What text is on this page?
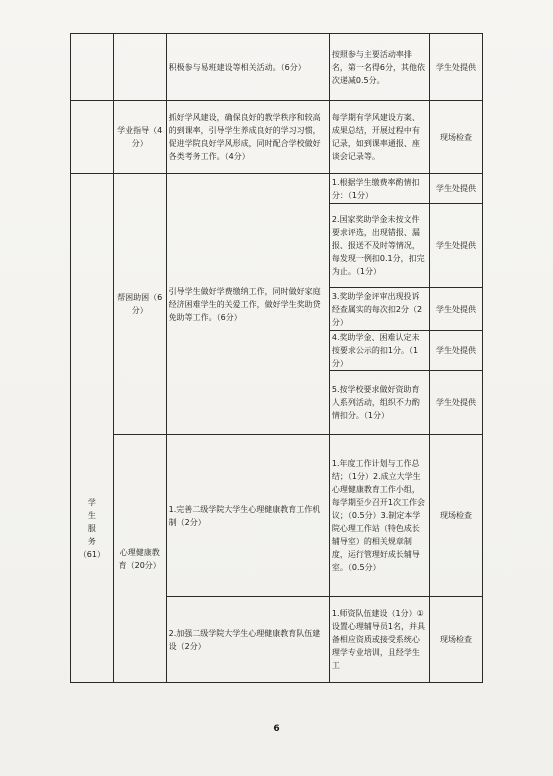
		积极参与易班建设等相关活动。（6分）	按照参与主要活动率排名，第一名得6分，其他依次递减0.5分。	学生处提供
	学业指导（4分）	抓好学风建设，确保良好的教学秩序和较高的到课率，引导学生养成良好的学习习惯，促进学院良好学风形成，同时配合学校做好各类考务工作。（4分）	每学期有学风建设方案、成果总结，开展过程中有记录，如到课率通报、座谈会记录等。	现场检查

学
生
服
务
（61）	帮困助困（6分）	引导学生做好学费缴纳工作，同时做好家庭经济困难学生的关爱工作，做好学生奖助贷免助等工作。（6分）	1.根据学生缴费率酌情扣分：（1分）	学生处提供
			2.国家奖助学金未按文件要求评选，出现错报、漏报、报送不及时等情况，每发现一例扣0.1分，扣完为止。（1分）	学生处提供
			3.奖助学金评审出现投诉经查属实的每次扣2分（2分）	学生处提供
			4.奖助学金、困难认定未按要求公示的扣1分。（1分）	学生处提供
			5.按学校要求做好资助育人系列活动，组织不力酌情扣分。（1分）	学生处提供
	心理健康教育（20分）	1.完善二级学院大学生心理健康教育工作机制（2分）	1.年度工作计划与工作总结；（1分）2.成立大学生心理健康教育工作小组，每学期至少召开1次工作会议；（0.5分）3.制定本学院心理工作站（特色成长辅导室）的相关规章制度，运行管理好成长辅导室。（0.5分）	现场检查
		2.加强二级学院大学生心理健康教育队伍建设（2分）	1.师资队伍建设（1分）①设置心理辅导员1名，并具备相应资质或接受系统心理学专业培训，且经学生工	现场检查
6
